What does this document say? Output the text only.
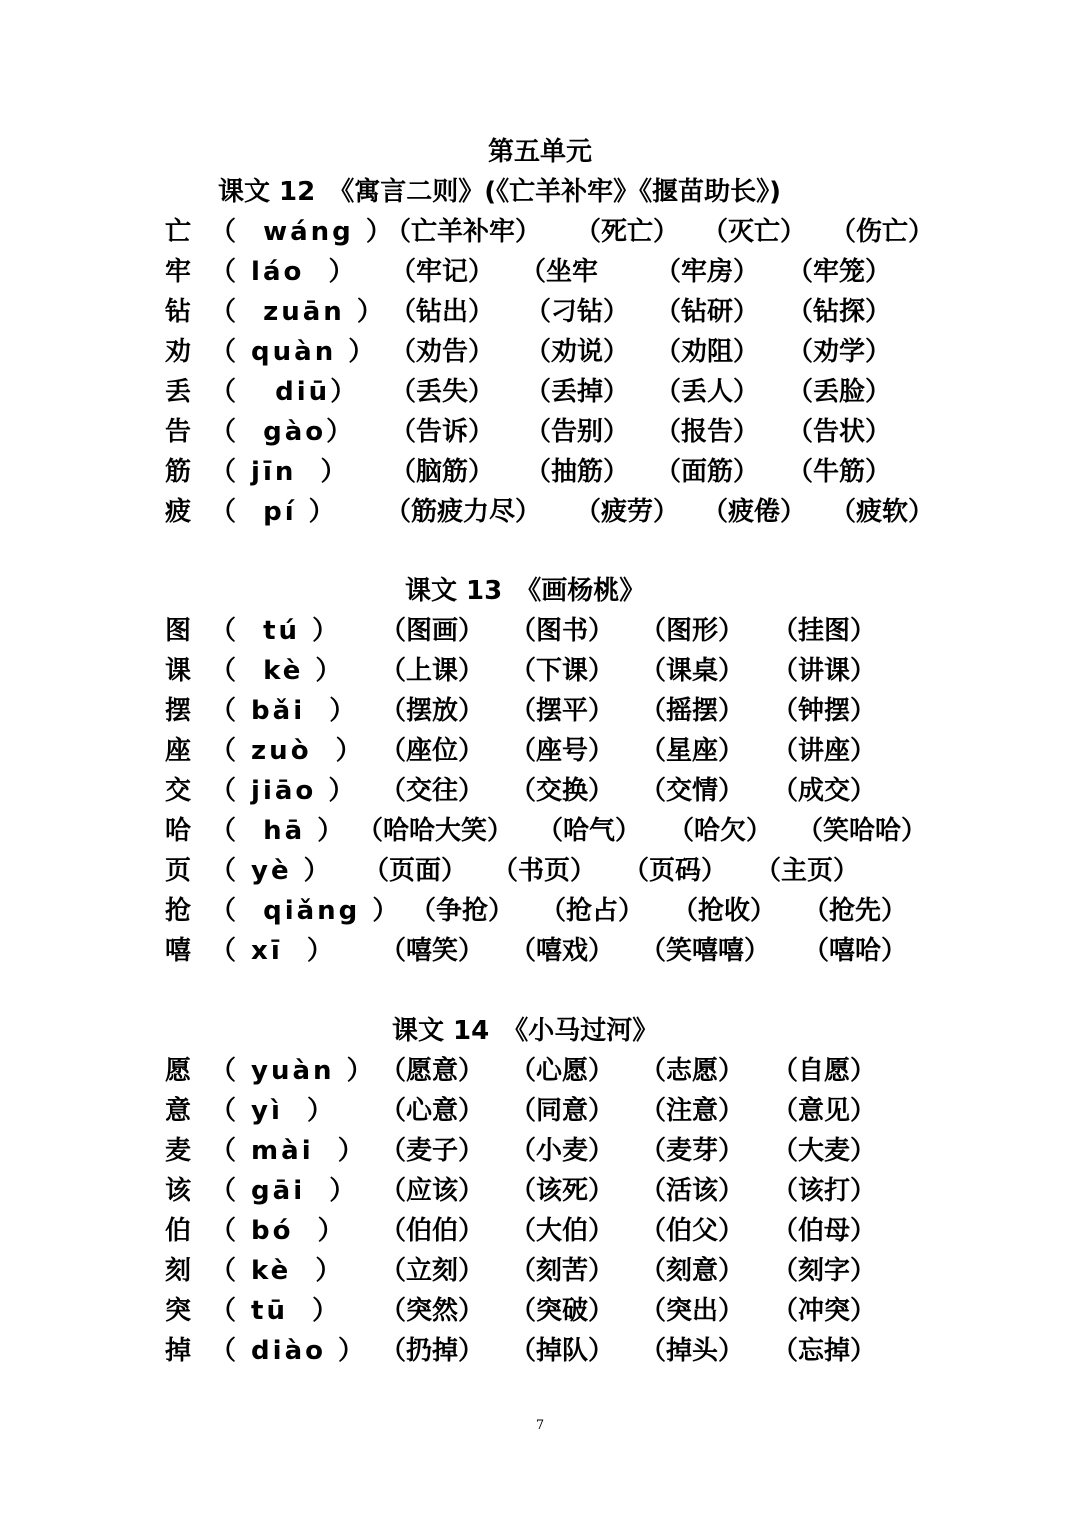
第五单元
课文 12　《寓言二则》(《亡羊补牢》《揠苗助长》)
课文 13　《画杨桃》
课文 14　《小马过河》
亡 （  wáng ）
（亡羊补牢） （死亡） （灭亡） （伤亡）
牢 （ láo  ） （牢记） （坐牢 （牢房） （牢笼）
钻 （  zuān ） （钻出） （刁钻） （钻研） （钻探）
劝 （ quàn ） （劝告） （劝说） （劝阻） （劝学）
丢 （   diū） （丢失） （丢掉） （丢人） （丢脸）
告 （  gào） （告诉） （告别） （报告） （告状）
筋 （ jīn  ） （脑筋） （抽筋） （面筋） （牛筋）
疲 （  pí ） （筋疲力尽） （疲劳） （疲倦） （疲软）
图 （  tú ） （图画） （图书） （图形） （挂图）
课 （  kè ） （上课） （下课） （课桌） （讲课）
摆 （ bǎi  ） （摆放） （摆平） （摇摆） （钟摆）
座 （ zuò  ） （座位） （座号） （星座） （讲座）
交 （ jiāo ） （交往） （交换） （交情） （成交）
哈 （  hā ） （哈哈大笑） （哈气） （哈欠） （笑哈哈）
页 （ yè ） （页面） （书页） （页码） （主页）
抢 （  qiǎng ） （争抢） （抢占） （抢收） （抢先）
嘻 （ xī  ） （嘻笑） （嘻戏） （笑嘻嘻） （嘻哈）
愿 （ yuàn ） （愿意） （心愿） （志愿） （自愿）
意 （ yì  ） （心意） （同意） （注意） （意见）
麦 （ mài  ） （麦子） （小麦） （麦芽） （大麦）
该 （ gāi  ） （应该） （该死） （活该） （该打）
伯 （ bó  ） （伯伯） （大伯） （伯父） （伯母）
刻 （ kè  ） （立刻） （刻苦） （刻意） （刻字）
突 （ tū  ） （突然） （突破） （突出） （冲突）
掉 （ diào ） （扔掉） （掉队） （掉头） （忘掉）
7
